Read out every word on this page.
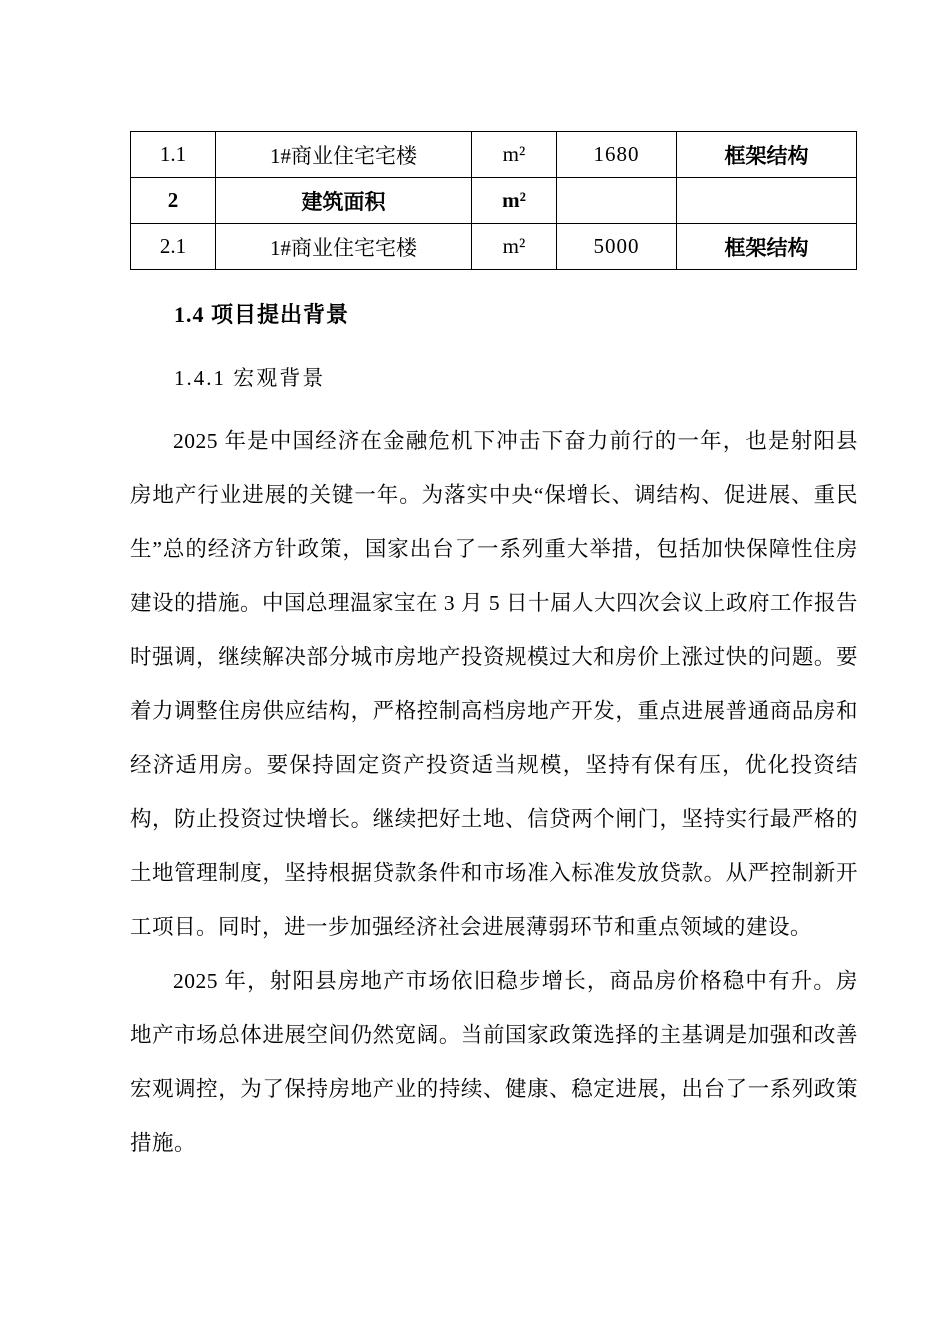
1.1	1#商业住宅宅楼	m²	1680	框架结构
2	建筑面积	m²		
2.1	1#商业住宅宅楼	m²	5000	框架结构
1.4 项目提出背景
1.4.1 宏观背景

2025 年是中国经济在金融危机下冲击下奋力前行的一年，也是射阳县房地产行业进展的关键一年。为落实中央“保增长、调结构、促进展、重民生”总的经济方针政策，国家出台了一系列重大举措，包括加快保障性住房建设的措施。中国总理温家宝在 3 月 5 日十届人大四次会议上政府工作报告时强调，继续解决部分城市房地产投资规模过大和房价上涨过快的问题。要着力调整住房供应结构，严格控制高档房地产开发，重点进展普通商品房和经济适用房。要保持固定资产投资适当规模，坚持有保有压，优化投资结构，防止投资过快增长。继续把好土地、信贷两个闸门，坚持实行最严格的土地管理制度，坚持根据贷款条件和市场准入标准发放贷款。从严控制新开工项目。同时，进一步加强经济社会进展薄弱环节和重点领域的建设。

2025 年，射阳县房地产市场依旧稳步增长，商品房价格稳中有升。房地产市场总体进展空间仍然宽阔。当前国家政策选择的主基调是加强和改善宏观调控，为了保持房地产业的持续、健康、稳定进展，出台了一系列政策措施。
